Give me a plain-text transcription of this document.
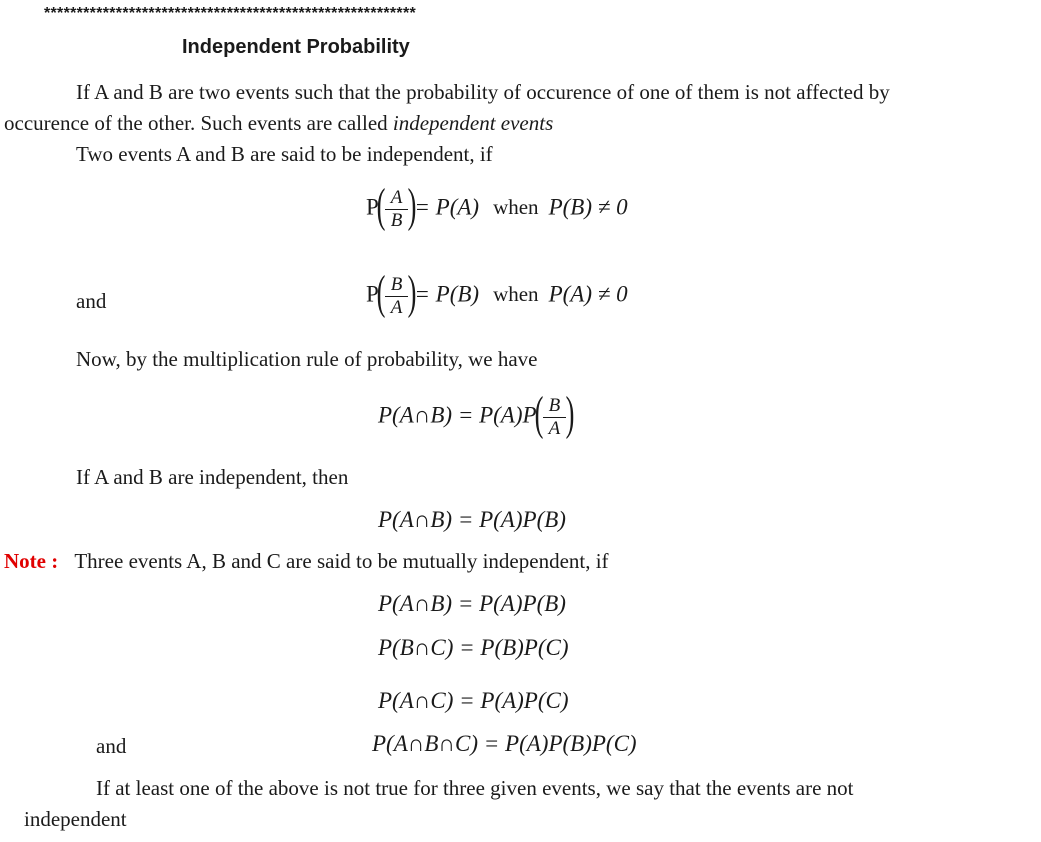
*********************************************************
Independent Probability
If A and B are two events such that the probability of occurence of one of them is not affected by
occurence of the other. Such events are called independent events
Two events A and B are said to be independent, if
$P( \frac{A}{B}$ )= P(A) when P(B) ≠ 0
and	$P( \frac{B}{A}$ )= P(B) when P(A) ≠ 0
Now, by the multiplication rule of probability, we have
P(A∩B) = $P(A)P( \frac{B}{A}$ )
If A and B are independent, then
P(A∩B) = P(A)P(B)
Note : Three events A, B and C are said to be mutually independent, if
P(A∩B) = P(A)P(B)
P(B∩C) = P(B)P(C)
P(A∩C) = P(A)P(C)
and	P(A∩B∩C) = P(A)P(B)P(C)
If at least one of the above is not true for three given events, we say that the events are not
independent
